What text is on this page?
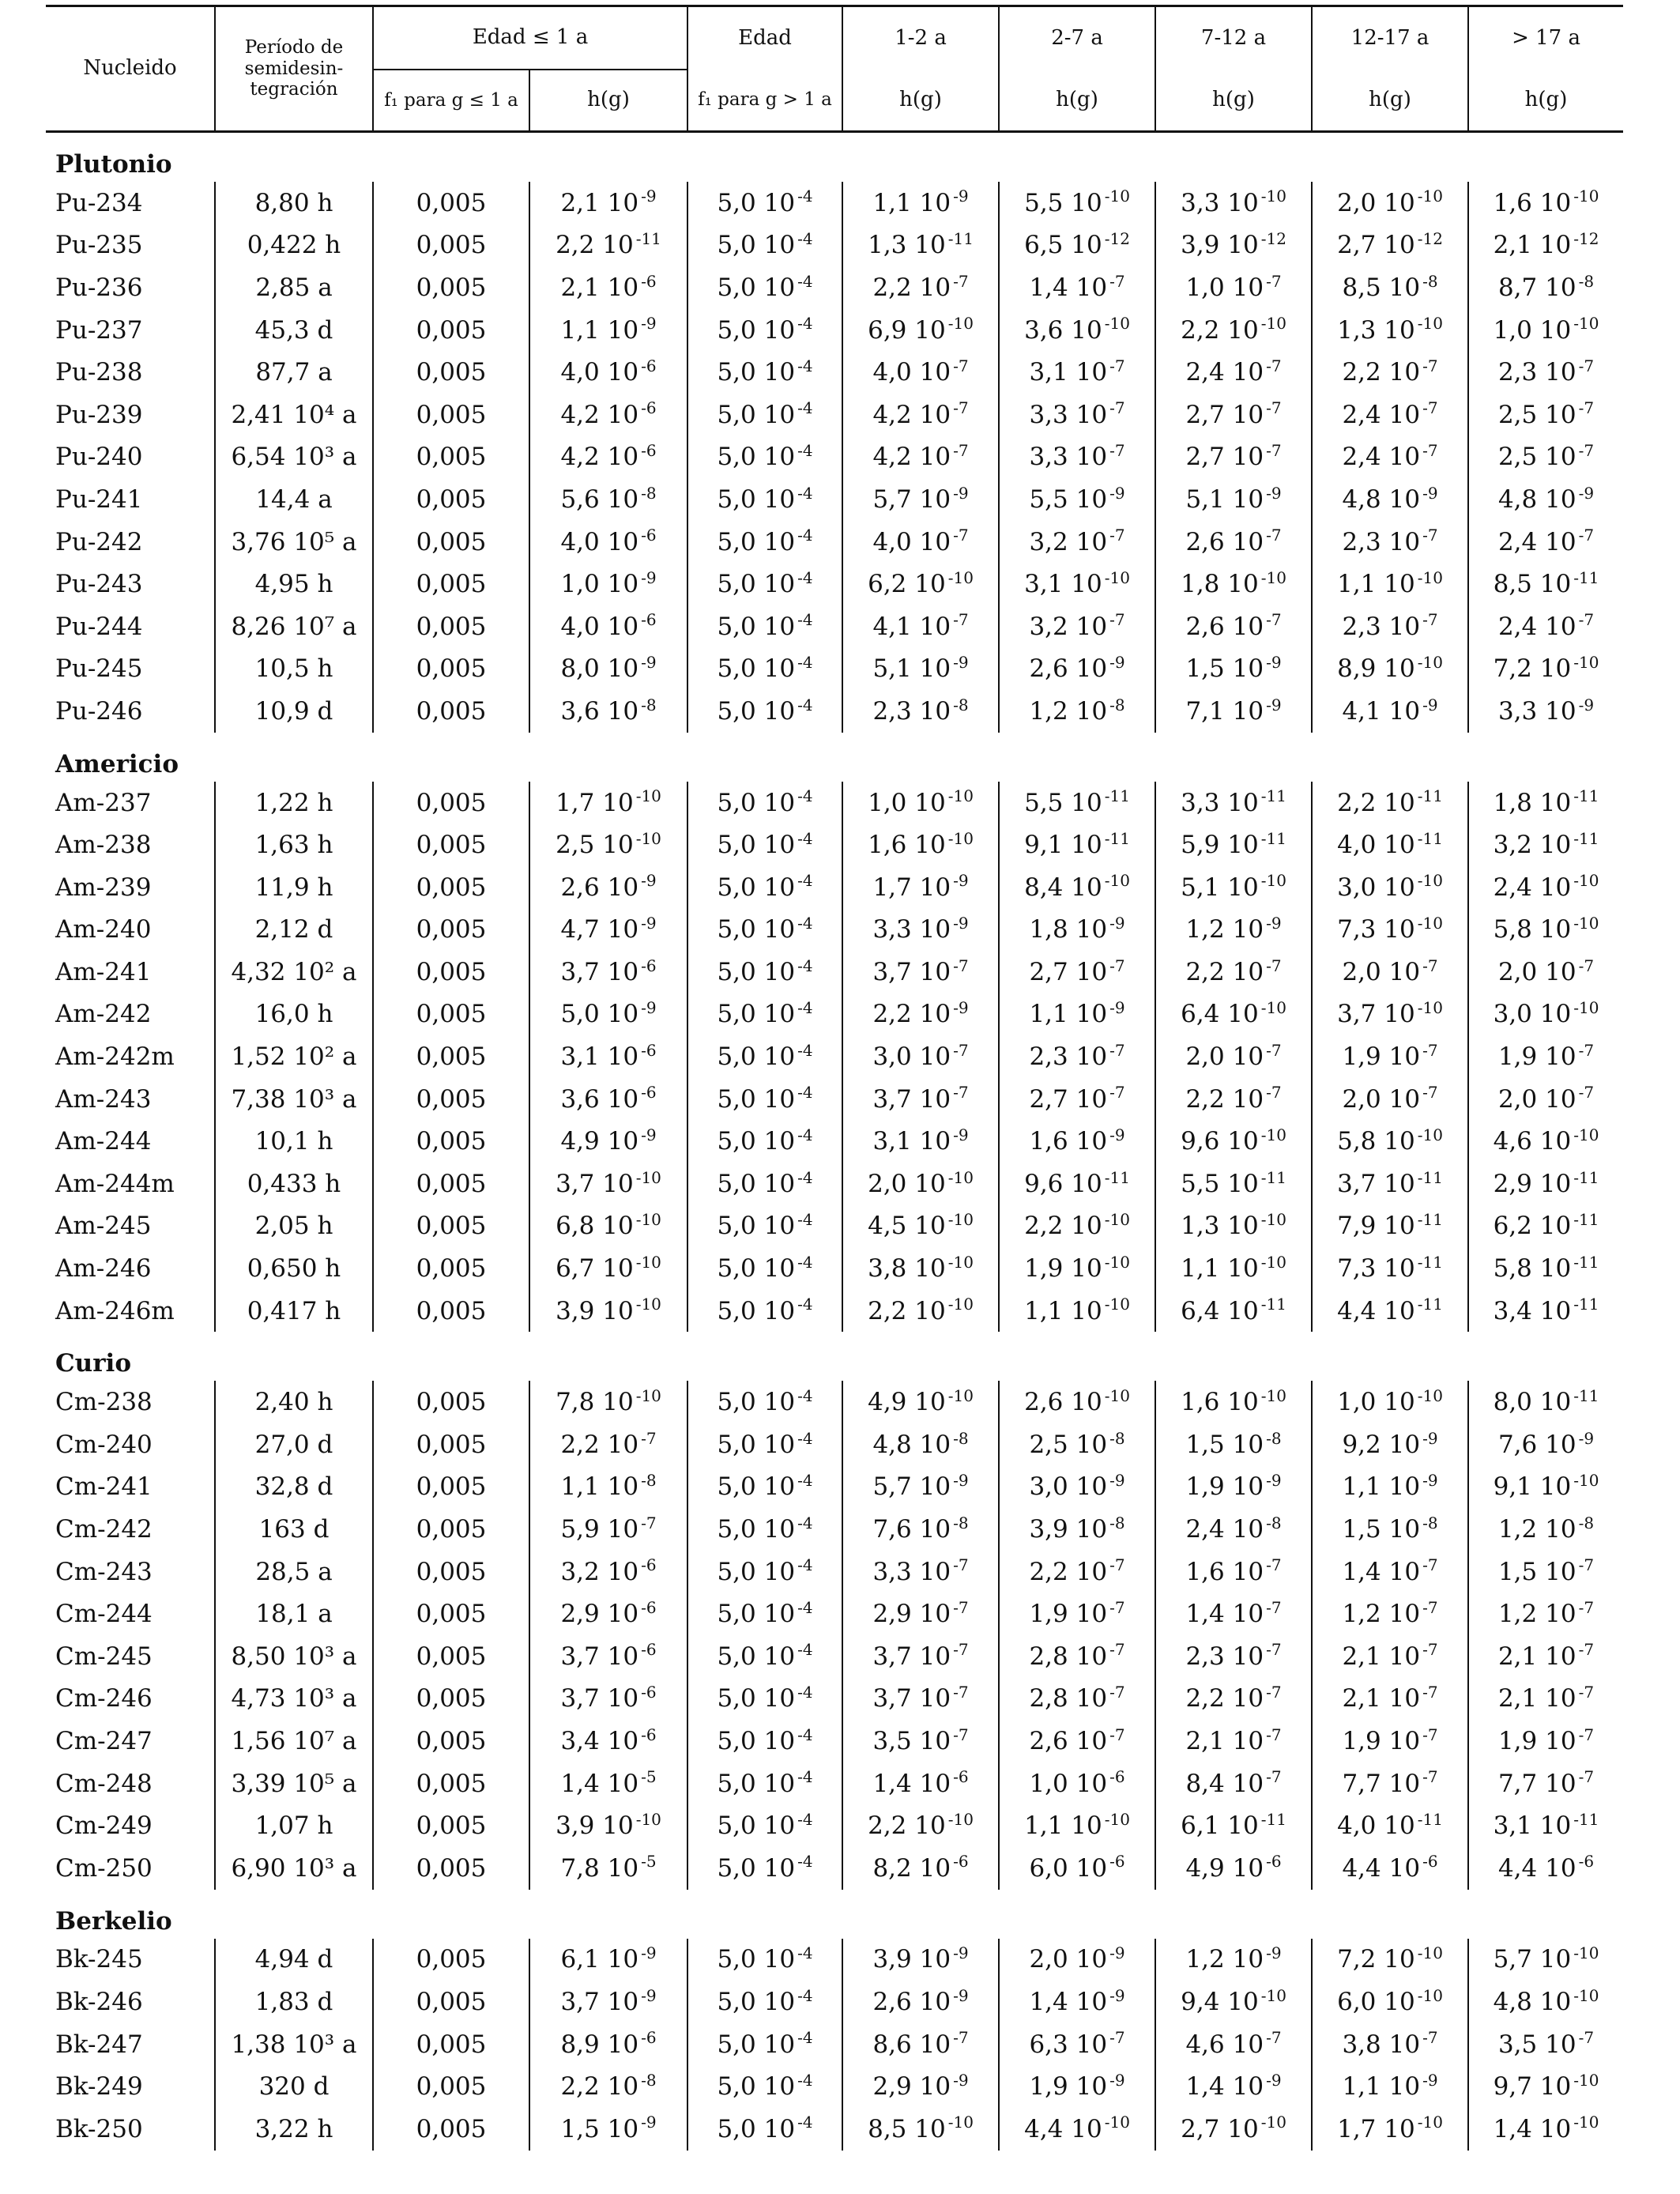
Nucleido	Período de semidesin-tegración	Edad ≤ 1 a		Edad	1-2 a	2-7 a	7-12 a	12-17 a	> 17 a
		f₁ para g ≤ 1 a	h(g)	f₁ para g > 1 a	h(g)	h(g)	h(g)	h(g)	h(g)
Plutonio									
Pu-234	8,80 h	0,005	2,1 10 $^{-9}$	5,0 10 $^{-4}$	1,1 10 $^{-9}$	5,5 10 $^{-10}$	3,3 10 $^{-10}$	2,0 10 $^{-10}$	1,6 10 $^{-10}$
Pu-235	0,422 h	0,005	2,2 10 $^{-11}$	5,0 10 $^{-4}$	1,3 10 $^{-11}$	6,5 10 $^{-12}$	3,9 10 $^{-12}$	2,7 10 $^{-12}$	2,1 10 $^{-12}$
Pu-236	2,85 a	0,005	2,1 10 $^{-6}$	5,0 10 $^{-4}$	2,2 10 $^{-7}$	1,4 10 $^{-7}$	1,0 10 $^{-7}$	8,5 10 $^{-8}$	8,7 10 $^{-8}$
Pu-237	45,3 d	0,005	1,1 10 $^{-9}$	5,0 10 $^{-4}$	6,9 10 $^{-10}$	3,6 10 $^{-10}$	2,2 10 $^{-10}$	1,3 10 $^{-10}$	1,0 10 $^{-10}$
Pu-238	87,7 a	0,005	4,0 10 $^{-6}$	5,0 10 $^{-4}$	4,0 10 $^{-7}$	3,1 10 $^{-7}$	2,4 10 $^{-7}$	2,2 10 $^{-7}$	2,3 10 $^{-7}$
Pu-239	2,41 10⁴ a	0,005	4,2 10 $^{-6}$	5,0 10 $^{-4}$	4,2 10 $^{-7}$	3,3 10 $^{-7}$	2,7 10 $^{-7}$	2,4 10 $^{-7}$	2,5 10 $^{-7}$
Pu-240	6,54 10³ a	0,005	4,2 10 $^{-6}$	5,0 10 $^{-4}$	4,2 10 $^{-7}$	3,3 10 $^{-7}$	2,7 10 $^{-7}$	2,4 10 $^{-7}$	2,5 10 $^{-7}$
Pu-241	14,4 a	0,005	5,6 10 $^{-8}$	5,0 10 $^{-4}$	5,7 10 $^{-9}$	5,5 10 $^{-9}$	5,1 10 $^{-9}$	4,8 10 $^{-9}$	4,8 10 $^{-9}$
Pu-242	3,76 10⁵ a	0,005	4,0 10 $^{-6}$	5,0 10 $^{-4}$	4,0 10 $^{-7}$	3,2 10 $^{-7}$	2,6 10 $^{-7}$	2,3 10 $^{-7}$	2,4 10 $^{-7}$
Pu-243	4,95 h	0,005	1,0 10 $^{-9}$	5,0 10 $^{-4}$	6,2 10 $^{-10}$	3,1 10 $^{-10}$	1,8 10 $^{-10}$	1,1 10 $^{-10}$	8,5 10 $^{-11}$
Pu-244	8,26 10⁷ a	0,005	4,0 10 $^{-6}$	5,0 10 $^{-4}$	4,1 10 $^{-7}$	3,2 10 $^{-7}$	2,6 10 $^{-7}$	2,3 10 $^{-7}$	2,4 10 $^{-7}$
Pu-245	10,5 h	0,005	8,0 10 $^{-9}$	5,0 10 $^{-4}$	5,1 10 $^{-9}$	2,6 10 $^{-9}$	1,5 10 $^{-9}$	8,9 10 $^{-10}$	7,2 10 $^{-10}$
Pu-246	10,9 d	0,005	3,6 10 $^{-8}$	5,0 10 $^{-4}$	2,3 10 $^{-8}$	1,2 10 $^{-8}$	7,1 10 $^{-9}$	4,1 10 $^{-9}$	3,3 10 $^{-9}$
Americio									
Am-237	1,22 h	0,005	1,7 10 $^{-10}$	5,0 10 $^{-4}$	1,0 10 $^{-10}$	5,5 10 $^{-11}$	3,3 10 $^{-11}$	2,2 10 $^{-11}$	1,8 10 $^{-11}$
Am-238	1,63 h	0,005	2,5 10 $^{-10}$	5,0 10 $^{-4}$	1,6 10 $^{-10}$	9,1 10 $^{-11}$	5,9 10 $^{-11}$	4,0 10 $^{-11}$	3,2 10 $^{-11}$
Am-239	11,9 h	0,005	2,6 10 $^{-9}$	5,0 10 $^{-4}$	1,7 10 $^{-9}$	8,4 10 $^{-10}$	5,1 10 $^{-10}$	3,0 10 $^{-10}$	2,4 10 $^{-10}$
Am-240	2,12 d	0,005	4,7 10 $^{-9}$	5,0 10 $^{-4}$	3,3 10 $^{-9}$	1,8 10 $^{-9}$	1,2 10 $^{-9}$	7,3 10 $^{-10}$	5,8 10 $^{-10}$
Am-241	4,32 10² a	0,005	3,7 10 $^{-6}$	5,0 10 $^{-4}$	3,7 10 $^{-7}$	2,7 10 $^{-7}$	2,2 10 $^{-7}$	2,0 10 $^{-7}$	2,0 10 $^{-7}$
Am-242	16,0 h	0,005	5,0 10 $^{-9}$	5,0 10 $^{-4}$	2,2 10 $^{-9}$	1,1 10 $^{-9}$	6,4 10 $^{-10}$	3,7 10 $^{-10}$	3,0 10 $^{-10}$
Am-242m	1,52 10² a	0,005	3,1 10 $^{-6}$	5,0 10 $^{-4}$	3,0 10 $^{-7}$	2,3 10 $^{-7}$	2,0 10 $^{-7}$	1,9 10 $^{-7}$	1,9 10 $^{-7}$
Am-243	7,38 10³ a	0,005	3,6 10 $^{-6}$	5,0 10 $^{-4}$	3,7 10 $^{-7}$	2,7 10 $^{-7}$	2,2 10 $^{-7}$	2,0 10 $^{-7}$	2,0 10 $^{-7}$
Am-244	10,1 h	0,005	4,9 10 $^{-9}$	5,0 10 $^{-4}$	3,1 10 $^{-9}$	1,6 10 $^{-9}$	9,6 10 $^{-10}$	5,8 10 $^{-10}$	4,6 10 $^{-10}$
Am-244m	0,433 h	0,005	3,7 10 $^{-10}$	5,0 10 $^{-4}$	2,0 10 $^{-10}$	9,6 10 $^{-11}$	5,5 10 $^{-11}$	3,7 10 $^{-11}$	2,9 10 $^{-11}$
Am-245	2,05 h	0,005	6,8 10 $^{-10}$	5,0 10 $^{-4}$	4,5 10 $^{-10}$	2,2 10 $^{-10}$	1,3 10 $^{-10}$	7,9 10 $^{-11}$	6,2 10 $^{-11}$
Am-246	0,650 h	0,005	6,7 10 $^{-10}$	5,0 10 $^{-4}$	3,8 10 $^{-10}$	1,9 10 $^{-10}$	1,1 10 $^{-10}$	7,3 10 $^{-11}$	5,8 10 $^{-11}$
Am-246m	0,417 h	0,005	3,9 10 $^{-10}$	5,0 10 $^{-4}$	2,2 10 $^{-10}$	1,1 10 $^{-10}$	6,4 10 $^{-11}$	4,4 10 $^{-11}$	3,4 10 $^{-11}$
Curio									
Cm-238	2,40 h	0,005	7,8 10 $^{-10}$	5,0 10 $^{-4}$	4,9 10 $^{-10}$	2,6 10 $^{-10}$	1,6 10 $^{-10}$	1,0 10 $^{-10}$	8,0 10 $^{-11}$
Cm-240	27,0 d	0,005	2,2 10 $^{-7}$	5,0 10 $^{-4}$	4,8 10 $^{-8}$	2,5 10 $^{-8}$	1,5 10 $^{-8}$	9,2 10 $^{-9}$	7,6 10 $^{-9}$
Cm-241	32,8 d	0,005	1,1 10 $^{-8}$	5,0 10 $^{-4}$	5,7 10 $^{-9}$	3,0 10 $^{-9}$	1,9 10 $^{-9}$	1,1 10 $^{-9}$	9,1 10 $^{-10}$
Cm-242	163 d	0,005	5,9 10 $^{-7}$	5,0 10 $^{-4}$	7,6 10 $^{-8}$	3,9 10 $^{-8}$	2,4 10 $^{-8}$	1,5 10 $^{-8}$	1,2 10 $^{-8}$
Cm-243	28,5 a	0,005	3,2 10 $^{-6}$	5,0 10 $^{-4}$	3,3 10 $^{-7}$	2,2 10 $^{-7}$	1,6 10 $^{-7}$	1,4 10 $^{-7}$	1,5 10 $^{-7}$
Cm-244	18,1 a	0,005	2,9 10 $^{-6}$	5,0 10 $^{-4}$	2,9 10 $^{-7}$	1,9 10 $^{-7}$	1,4 10 $^{-7}$	1,2 10 $^{-7}$	1,2 10 $^{-7}$
Cm-245	8,50 10³ a	0,005	3,7 10 $^{-6}$	5,0 10 $^{-4}$	3,7 10 $^{-7}$	2,8 10 $^{-7}$	2,3 10 $^{-7}$	2,1 10 $^{-7}$	2,1 10 $^{-7}$
Cm-246	4,73 10³ a	0,005	3,7 10 $^{-6}$	5,0 10 $^{-4}$	3,7 10 $^{-7}$	2,8 10 $^{-7}$	2,2 10 $^{-7}$	2,1 10 $^{-7}$	2,1 10 $^{-7}$
Cm-247	1,56 10⁷ a	0,005	3,4 10 $^{-6}$	5,0 10 $^{-4}$	3,5 10 $^{-7}$	2,6 10 $^{-7}$	2,1 10 $^{-7}$	1,9 10 $^{-7}$	1,9 10 $^{-7}$
Cm-248	3,39 10⁵ a	0,005	1,4 10 $^{-5}$	5,0 10 $^{-4}$	1,4 10 $^{-6}$	1,0 10 $^{-6}$	8,4 10 $^{-7}$	7,7 10 $^{-7}$	7,7 10 $^{-7}$
Cm-249	1,07 h	0,005	3,9 10 $^{-10}$	5,0 10 $^{-4}$	2,2 10 $^{-10}$	1,1 10 $^{-10}$	6,1 10 $^{-11}$	4,0 10 $^{-11}$	3,1 10 $^{-11}$
Cm-250	6,90 10³ a	0,005	7,8 10 $^{-5}$	5,0 10 $^{-4}$	8,2 10 $^{-6}$	6,0 10 $^{-6}$	4,9 10 $^{-6}$	4,4 10 $^{-6}$	4,4 10 $^{-6}$
Berkelio									
Bk-245	4,94 d	0,005	6,1 10 $^{-9}$	5,0 10 $^{-4}$	3,9 10 $^{-9}$	2,0 10 $^{-9}$	1,2 10 $^{-9}$	7,2 10 $^{-10}$	5,7 10 $^{-10}$
Bk-246	1,83 d	0,005	3,7 10 $^{-9}$	5,0 10 $^{-4}$	2,6 10 $^{-9}$	1,4 10 $^{-9}$	9,4 10 $^{-10}$	6,0 10 $^{-10}$	4,8 10 $^{-10}$
Bk-247	1,38 10³ a	0,005	8,9 10 $^{-6}$	5,0 10 $^{-4}$	8,6 10 $^{-7}$	6,3 10 $^{-7}$	4,6 10 $^{-7}$	3,8 10 $^{-7}$	3,5 10 $^{-7}$
Bk-249	320 d	0,005	2,2 10 $^{-8}$	5,0 10 $^{-4}$	2,9 10 $^{-9}$	1,9 10 $^{-9}$	1,4 10 $^{-9}$	1,1 10 $^{-9}$	9,7 10 $^{-10}$
Bk-250	3,22 h	0,005	1,5 10 $^{-9}$	5,0 10 $^{-4}$	8,5 10 $^{-10}$	4,4 10 $^{-10}$	2,7 10 $^{-10}$	1,7 10 $^{-10}$	1,4 10 $^{-10}$
